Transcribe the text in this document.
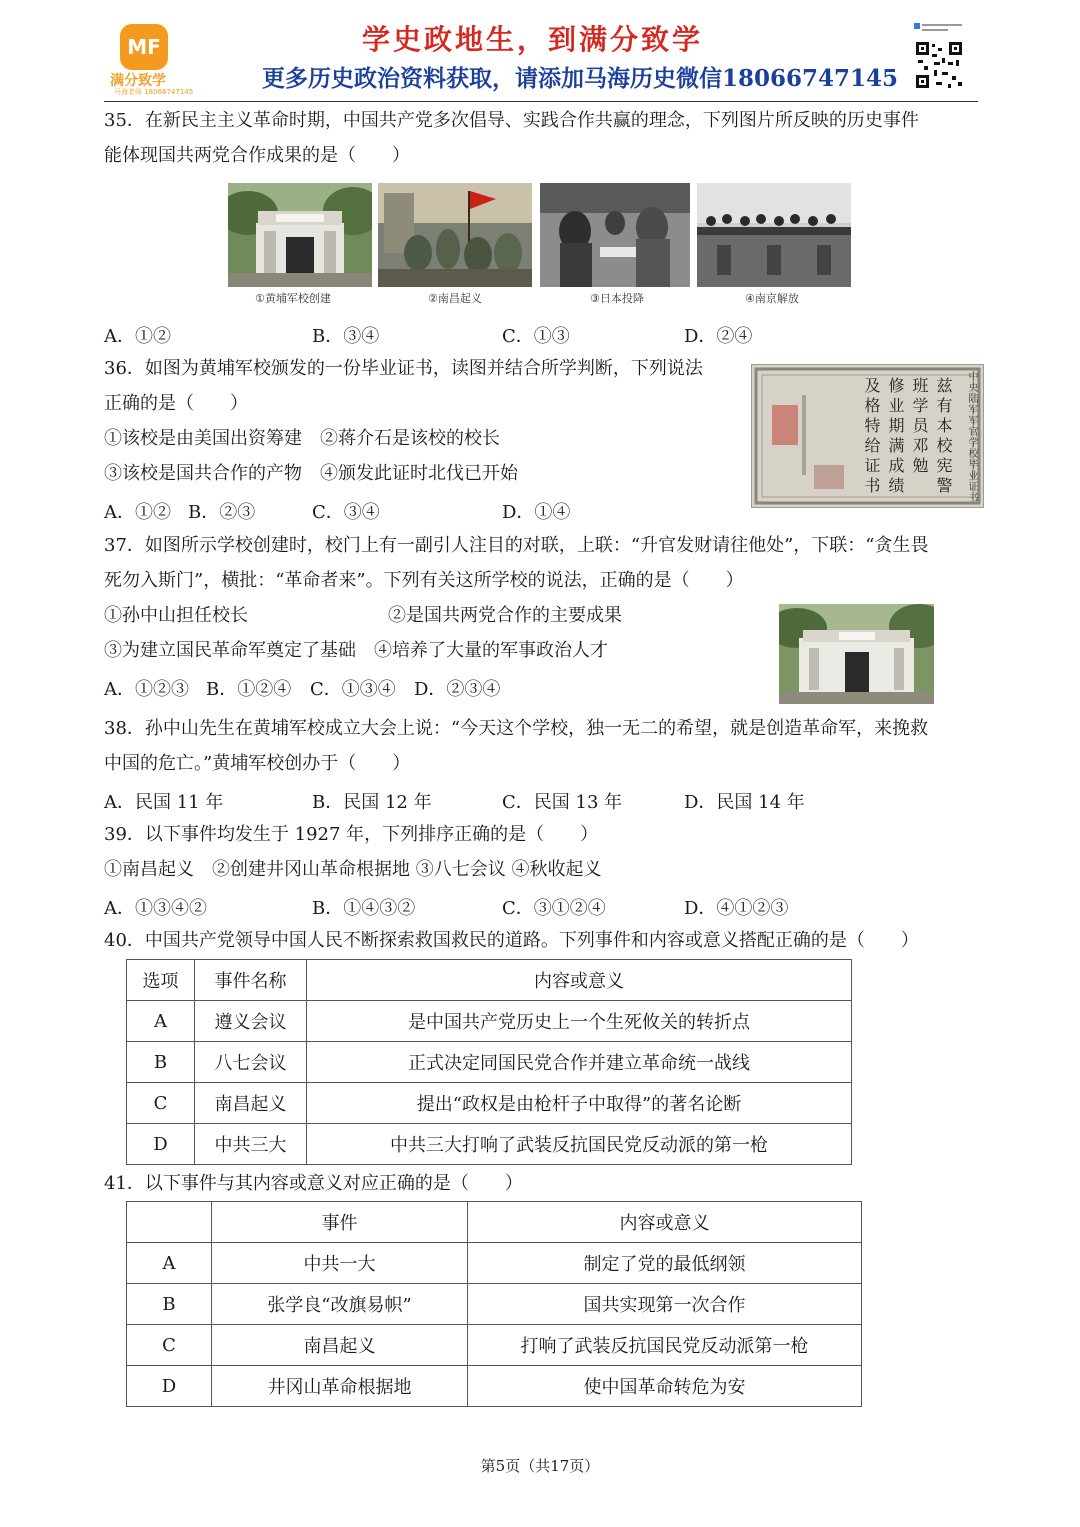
MF
满分致学
马海老师 18066747145
学史政地生，到满分致学
更多历史政治资料获取，请添加马海历史微信18066747145
35．在新民主主义革命时期，中国共产党多次倡导、实践合作共赢的理念，下列图片所反映的历史事件
能体现国共两党合作成果的是（　　）
①黄埔军校创建	②南昌起义	③日本投降	④南京解放
A．①②	B．③④	C．①③	D．②④
36．如图为黄埔军校颁发的一份毕业证书，读图并结合所学判断，下列说法
正确的是（　　）
①该校是由美国出资筹建　②蒋介石是该校的校长
③该校是国共合作的产物　④颁发此证时北伐已开始
A．①② B．②③	C．③④	D．①④
中央陆军军官学校毕业证书
兹有本校宪警
班学员邓勉
修业期满成绩
及格特给证书
37．如图所示学校创建时，校门上有一副引人注目的对联，上联：“升官发财请往他处”，下联：“贪生畏
死勿入斯门”，横批：“革命者来”。下列有关这所学校的说法，正确的是（　　）
①孙中山担任校长	②是国共两党合作的主要成果
③为建立国民革命军奠定了基础　④培养了大量的军事政治人才
A．①②③ B．①②④ C．①③④ D．②③④
38．孙中山先生在黄埔军校成立大会上说：“今天这个学校，独一无二的希望，就是创造革命军，来挽救
中国的危亡。”黄埔军校创办于（　　）
A．民国 11 年	B．民国 12 年	C．民国 13 年	D．民国 14 年
39．以下事件均发生于 1927 年，下列排序正确的是（　　）
①南昌起义　②创建井冈山革命根据地 ③八七会议 ④秋收起义
A．①③④②	B．①④③②	C．③①②④	D．④①②③
40．中国共产党领导中国人民不断探索救国救民的道路。下列事件和内容或意义搭配正确的是（　　）
选项	事件名称	内容或意义
A	遵义会议	是中国共产党历史上一个生死攸关的转折点
B	八七会议	正式决定同国民党合作并建立革命统一战线
C	南昌起义	提出“政权是由枪杆子中取得”的著名论断
D	中共三大	中共三大打响了武装反抗国民党反动派的第一枪
41．以下事件与其内容或意义对应正确的是（　　）
	事件	内容或意义
A	中共一大	制定了党的最低纲领
B	张学良“改旗易帜”	国共实现第一次合作
C	南昌起义	打响了武装反抗国民党反动派第一枪
D	井冈山革命根据地	使中国革命转危为安
第5页（共17页）
